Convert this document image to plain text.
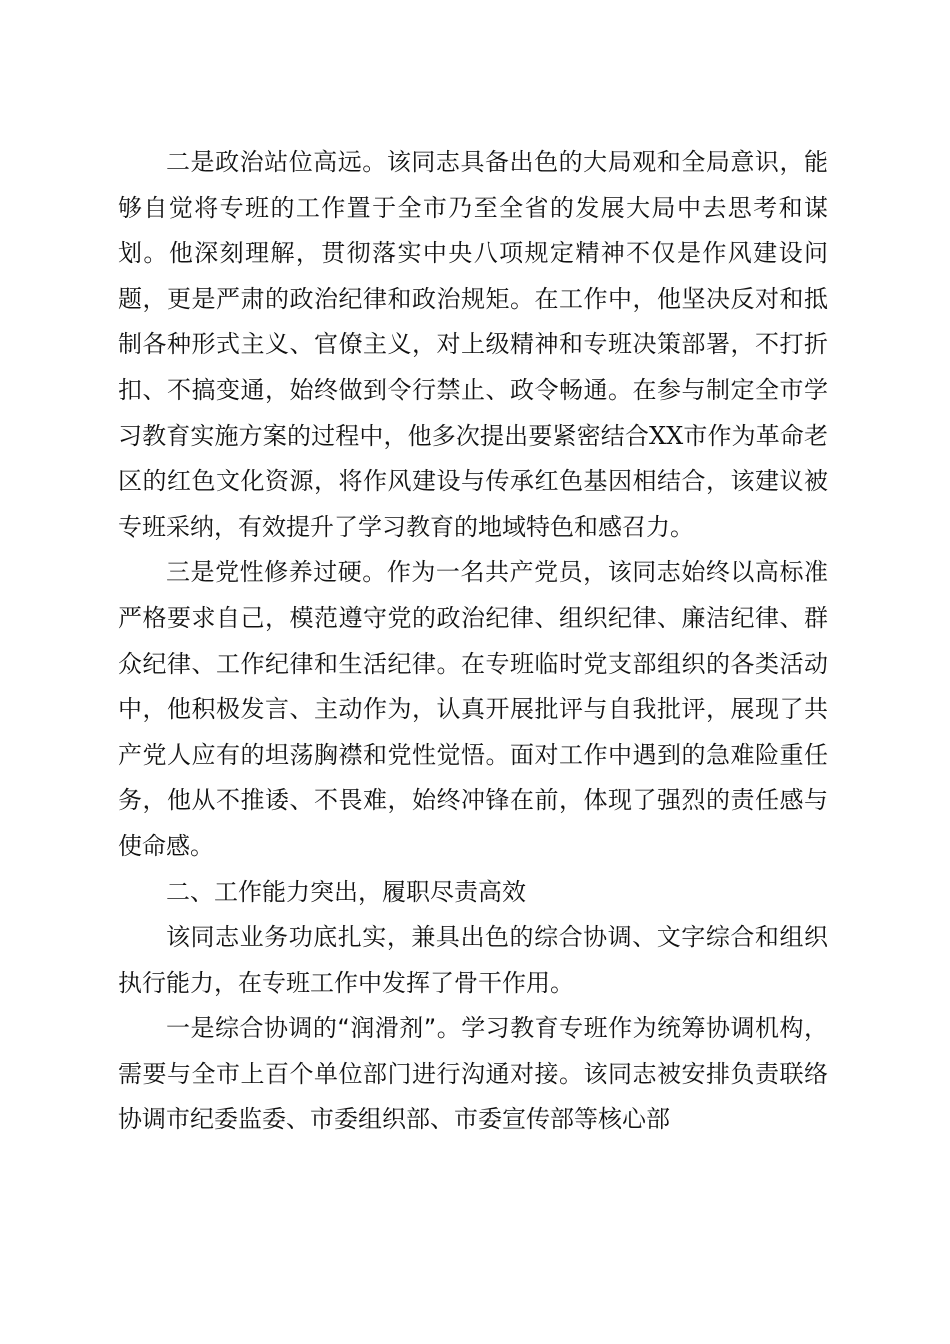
二是政治站位高远。该同志具备出色的大局观和全局意识，能够自觉将专班的工作置于全市乃至全省的发展大局中去思考和谋划。他深刻理解，贯彻落实中央八项规定精神不仅是作风建设问题，更是严肃的政治纪律和政治规矩。在工作中，他坚决反对和抵制各种形式主义、官僚主义，对上级精神和专班决策部署，不打折扣、不搞变通，始终做到令行禁止、政令畅通。在参与制定全市学习教育实施方案的过程中，他多次提出要紧密结合XX市作为革命老区的红色文化资源，将作风建设与传承红色基因相结合，该建议被专班采纳，有效提升了学习教育的地域特色和感召力。

三是党性修养过硬。作为一名共产党员，该同志始终以高标准严格要求自己，模范遵守党的政治纪律、组织纪律、廉洁纪律、群众纪律、工作纪律和生活纪律。在专班临时党支部组织的各类活动中，他积极发言、主动作为，认真开展批评与自我批评，展现了共产党人应有的坦荡胸襟和党性觉悟。面对工作中遇到的急难险重任务，他从不推诿、不畏难，始终冲锋在前，体现了强烈的责任感与使命感。

二、工作能力突出，履职尽责高效

该同志业务功底扎实，兼具出色的综合协调、文字综合和组织执行能力，在专班工作中发挥了骨干作用。

一是综合协调的“润滑剂”。学习教育专班作为统筹协调机构，需要与全市上百个单位部门进行沟通对接。该同志被安排负责联络协调市纪委监委、市委组织部、市委宣传部等核心部
